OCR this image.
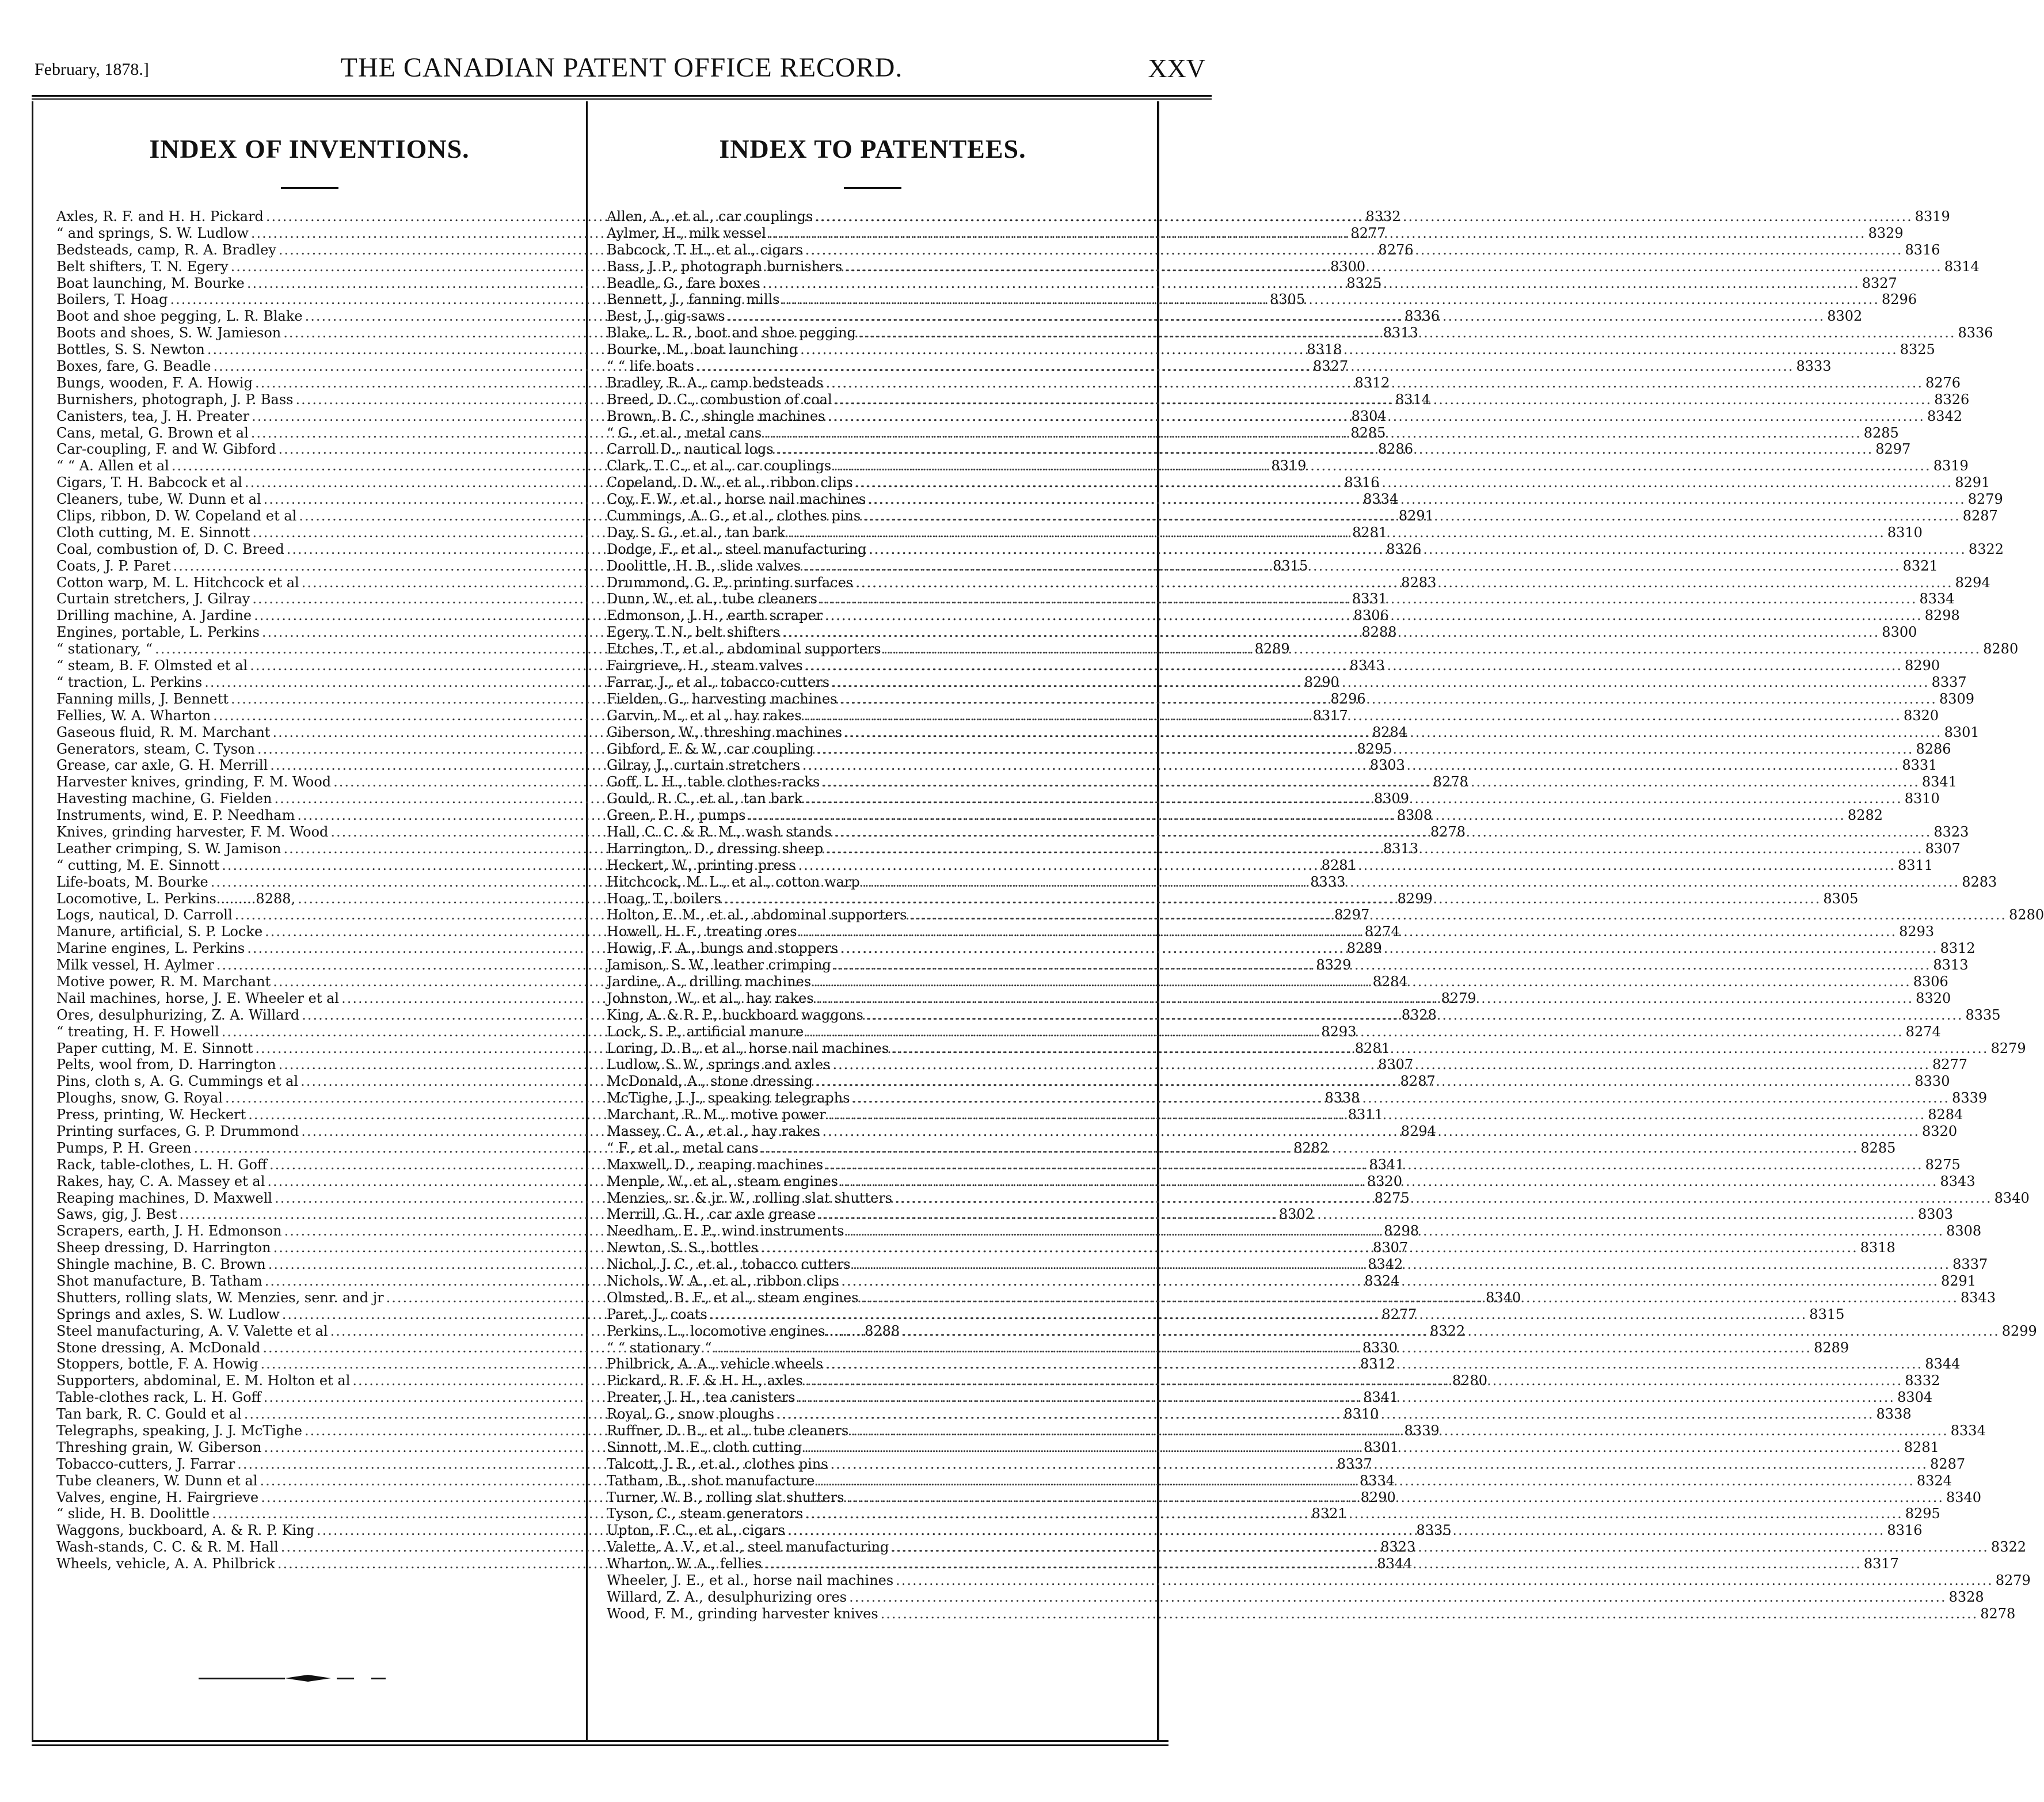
February, 1878.]	THE CANADIAN PATENT OFFICE RECORD.	XXV
INDEX OF INVENTIONS.
Axles, R. F. and H. H. Pickard .....	8332
“ and springs, S. W. Ludlow .....	8277
Bedsteads, camp, R. A. Bradley .....	8276
Belt shifters, T. N. Egery .....	8300
Boat launching, M. Bourke .....	8325
Boilers, T. Hoag .....	8305
Boot and shoe pegging, L. R. Blake .....	8336
Boots and shoes, S. W. Jamieson .....	8313
Bottles, S. S. Newton .....	8318
Boxes, fare, G. Beadle .....	8327
Bungs, wooden, F. A. Howig .....	8312
Burnishers, photograph, J. P. Bass .....	8314
Canisters, tea, J. H. Preater .....	8304
Cans, metal, G. Brown et al .....	8285
Car-coupling, F. and W. Gibford .....	8286
“ “ A. Allen et al .....	8319
Cigars, T. H. Babcock et al .....	8316
Cleaners, tube, W. Dunn et al .....	8334
Clips, ribbon, D. W. Copeland et al .....	8291
Cloth cutting, M. E. Sinnott .....	8281
Coal, combustion of, D. C. Breed .....	8326
Coats, J. P. Paret .....	8315
Cotton warp, M. L. Hitchcock et al .....	8283
Curtain stretchers, J. Gilray .....	8331
Drilling machine, A. Jardine .....	8306
Engines, portable, L. Perkins .....	8288
“ stationary, “ .....	8289
“ steam, B. F. Olmsted et al .....	8343
“ traction, L. Perkins .....	8290
Fanning mills, J. Bennett .....	8296
Fellies, W. A. Wharton .....	8317
Gaseous fluid, R. M. Marchant .....	8284
Generators, steam, C. Tyson .....	8295
Grease, car axle, G. H. Merrill .....	8303
Harvester knives, grinding, F. M. Wood .....	8278
Havesting machine, G. Fielden .....	8309
Instruments, wind, E. P. Needham .....	8308
Knives, grinding harvester, F. M. Wood .....	8278
Leather crimping, S. W. Jamison .....	8313
“ cutting, M. E. Sinnott .....	8281
Life-boats, M. Bourke .....	8333
Locomotive, L. Perkins.........8288, .....	8299
Logs, nautical, D. Carroll .....	8297
Manure, artificial, S. P. Locke .....	8274
Marine engines, L. Perkins .....	8289
Milk vessel, H. Aylmer .....	8329
Motive power, R. M. Marchant .....	8284
Nail machines, horse, J. E. Wheeler et al .....	8279
Ores, desulphurizing, Z. A. Willard .....	8328
“ treating, H. F. Howell .....	8293
Paper cutting, M. E. Sinnott .....	8281
Pelts, wool from, D. Harrington .....	8307
Pins, cloth s, A. G. Cummings et al .....	8287
Ploughs, snow, G. Royal .....	8338
Press, printing, W. Heckert .....	8311
Printing surfaces, G. P. Drummond .....	8294
Pumps, P. H. Green .....	8282
Rack, table-clothes, L. H. Goff .....	8341
Rakes, hay, C. A. Massey et al .....	8320
Reaping machines, D. Maxwell .....	8275
Saws, gig, J. Best .....	8302
Scrapers, earth, J. H. Edmonson .....	8298
Sheep dressing, D. Harrington .....	8307
Shingle machine, B. C. Brown .....	8342
Shot manufacture, B. Tatham .....	8324
Shutters, rolling slats, W. Menzies, senr. and jr .....	8340
Springs and axles, S. W. Ludlow .....	8277
Steel manufacturing, A. V. Valette et al .....	8322
Stone dressing, A. McDonald .....	8330
Stoppers, bottle, F. A. Howig .....	8312
Supporters, abdominal, E. M. Holton et al .....	8280
Table-clothes rack, L. H. Goff .....	8341
Tan bark, R. C. Gould et al .....	8310
Telegraphs, speaking, J. J. McTighe .....	8339
Threshing grain, W. Giberson .....	8301
Tobacco-cutters, J. Farrar .....	8337
Tube cleaners, W. Dunn et al .....	8334
Valves, engine, H. Fairgrieve .....	8290
“ slide, H. B. Doolittle .....	8321
Waggons, buckboard, A. & R. P. King .....	8335
Wash-stands, C. C. & R. M. Hall .....	8323
Wheels, vehicle, A. A. Philbrick .....	8344
INDEX TO PATENTEES.
Allen, A., et al., car couplings .....	8319
Aylmer, H., milk vessel .....	8329
Babcock, T. H., et al., cigars .....	8316
Bass, J. P., photograph burnishers .....	8314
Beadle, G., fare boxes .....	8327
Bennett, J., fanning mills .....	8296
Best, J., gig-saws .....	8302
Blake, L. R., boot and shoe pegging .....	8336
Bourke, M., boat launching .....	8325
“ “ life boats .....	8333
Bradley, R. A., camp bedsteads .....	8276
Breed, D. C., combustion of coal .....	8326
Brown, B. C., shingle machines .....	8342
“ G., et al., metal cans .....	8285
Carroll D., nautical logs .....	8297
Clark, T. C., et al., car couplings .....	8319
Copeland, D. W., et al., ribbon clips .....	8291
Coy, F. W., et al., horse nail machines .....	8279
Cummings, A. G., et al., clothes pins .....	8287
Day, S. G., et al., tan bark .....	8310
Dodge, F., et al., steel manufacturing .....	8322
Doolittle, H. B., slide valves .....	8321
Drummond, G. P., printing surfaces .....	8294
Dunn, W., et al., tube cleaners .....	8334
Edmonson, J. H., earth scraper .....	8298
Egery, T. N., belt shifters .....	8300
Etches, T., et al., abdominal supporters .....	8280
Fairgrieve, H., steam valves .....	8290
Farrar, J., et al., tobacco-cutters .....	8337
Fielden, G., harvesting machines .....	8309
Garvin, M., et al , hay rakes .....	8320
Giberson, W., threshing machines .....	8301
Gibford, F. & W., car coupling .....	8286
Gilray, J., curtain stretchers .....	8331
Goff, L. H., table clothes-racks .....	8341
Gould, R. C., et al., tan bark .....	8310
Green, P. H., pumps .....	8282
Hall, C. C. & R. M., wash stands .....	8323
Harrington, D., dressing sheep .....	8307
Heckert, W., printing press .....	8311
Hitchcock, M. L., et al., cotton warp .....	8283
Hoag, T., boilers .....	8305
Holton, E. M., et al., abdominal supporters .....	8280
Howell, H. F., treating ores .....	8293
Howig, F. A., bungs and stoppers .....	8312
Jamison, S. W., leather crimping .....	8313
Jardine, A., drilling machines .....	8306
Johnston, W., et al., hay rakes .....	8320
King, A. & R. P., buckboard waggons .....	8335
Lock, S. P., artificial manure .....	8274
Loring, D. B., et al., horse nail machines .....	8279
Ludlow, S. W., springs and axles .....	8277
McDonald, A., stone dressing .....	8330
McTighe, J. J., speaking telegraphs .....	8339
Marchant, R. M., motive power .....	8284
Massey, C. A., et al., hay rakes .....	8320
“ F., et al., metal cans .....	8285
Maxwell, D., reaping machines .....	8275
Menple, W., et al., steam engines .....	8343
Menzies, sr. & jr. W., rolling slat shutters .....	8340
Merrill, G. H., car axle grease .....	8303
Needham, E. P., wind instruments .....	8308
Newton, S. S., bottles .....	8318
Nichol, J. C., et al., tobacco cutters .....	8337
Nichols, W. A., et al., ribbon clips .....	8291
Olmsted, B. F., et al., steam engines .....	8343
Paret, J., coats .....	8315
Perkins, L., locomotive engines.........8288 .....	8299
“ “ stationary “ .....	8289
Philbrick, A. A., vehicle wheels .....	8344
Pickard, R. F. & H. H., axles .....	8332
Preater, J. H., tea canisters .....	8304
Royal, G., snow ploughs .....	8338
Ruffner, D. B., et al., tube cleaners .....	8334
Sinnott, M. E., cloth cutting .....	8281
Talcott, J. R., et al., clothes pins .....	8287
Tatham, B., shot manufacture .....	8324
Turner, W. B., rolling slat shutters .....	8340
Tyson, C., steam generators .....	8295
Upton, F. C., et al., cigars .....	8316
Valette, A. V., et al., steel manufacturing .....	8322
Wharton, W. A., fellies .....	8317
Wheeler, J. E., et al., horse nail machines .....	8279
Willard, Z. A., desulphurizing ores .....	8328
Wood, F. M., grinding harvester knives .....	8278
